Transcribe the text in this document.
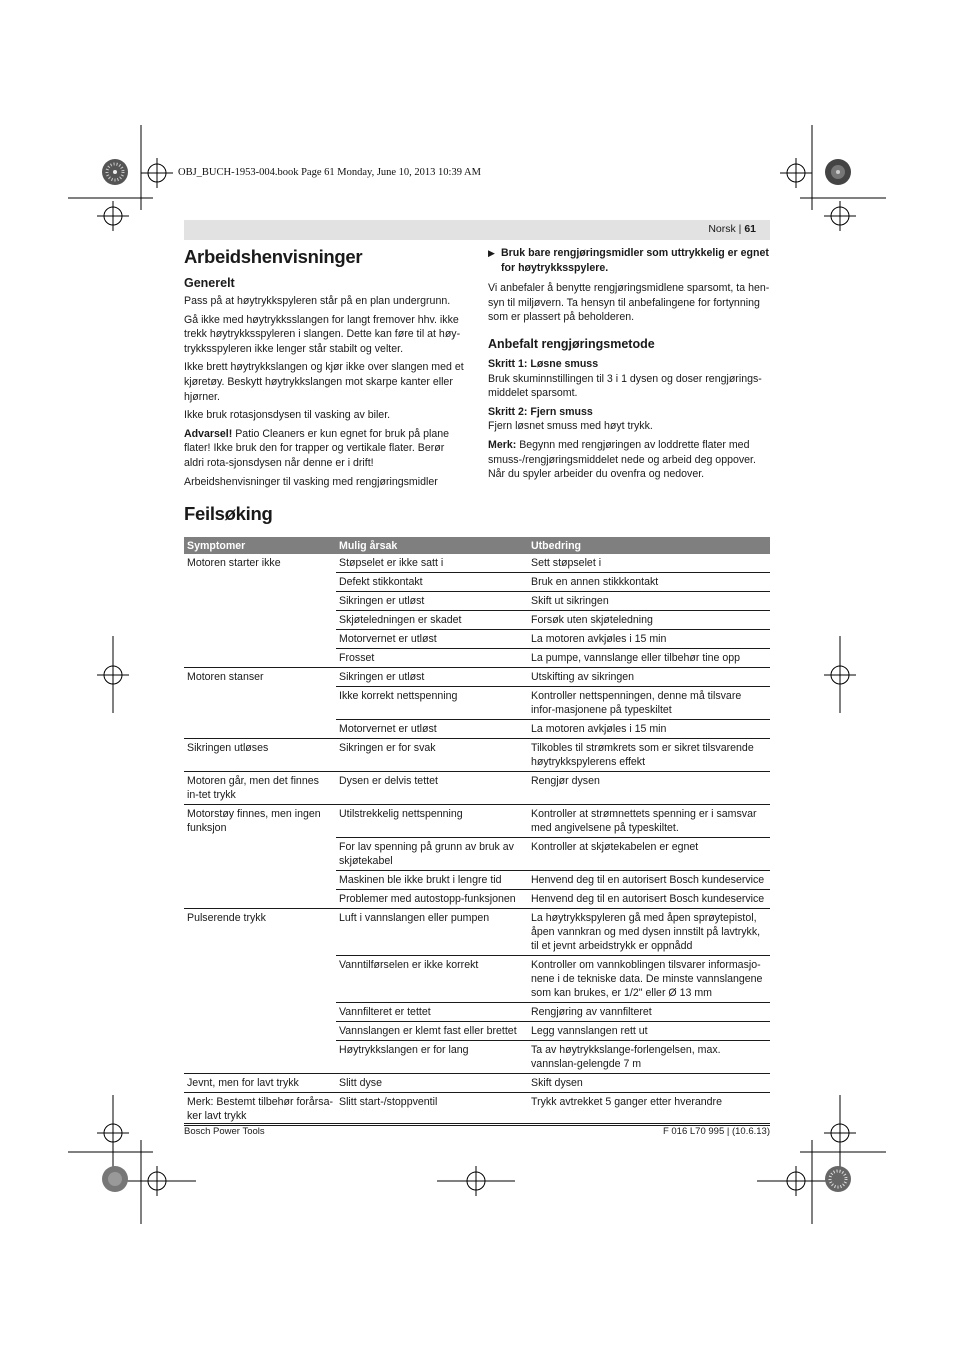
OBJ_BUCH-1953-004.book Page 61 Monday, June 10, 2013 10:39 AM
Norsk | 61
Arbeidshenvisninger
Generelt

Pass på at høytrykkspyleren står på en plan undergrunn.

Gå ikke med høytrykksslangen for langt fremover hhv. ikke trekk høytrykksspyleren i slangen. Dette kan føre til at høy-trykksspyleren ikke lenger står stabilt og velter.

Ikke brett høytrykkslangen og kjør ikke over slangen med et kjøretøy. Beskytt høytrykkslangen mot skarpe kanter eller hjørner.

Ikke bruk rotasjonsdysen til vasking av biler.

Advarsel! Patio Cleaners er kun egnet for bruk på plane flater! Ikke bruk den for trapper og vertikale flater. Berør aldri rota-sjonsdysen når denne er i drift!

Arbeidshenvisninger til vasking med rengjøringsmidler

▶ Bruk bare rengjøringsmidler som uttrykkelig er egnet for høytrykksspylere.

Vi anbefaler å benytte rengjøringsmidlene sparsomt, ta hen-syn til miljøvern. Ta hensyn til anbefalingene for fortynning som er plassert på beholderen.

Anbefalt rengjøringsmetode
Skritt 1: Løsne smuss

Bruk skuminnstillingen til 3 i 1 dysen og doser rengjørings-middelet sparsomt.

Skritt 2: Fjern smuss

Fjern løsnet smuss med høyt trykk.

Merk: Begynn med rengjøringen av loddrette flater med smuss-/rengjøringsmiddelet nede og arbeid deg oppover. Når du spyler arbeider du ovenfra og nedover.

Feilsøking
Symptomer	Mulig årsak	Utbedring
Motoren starter ikke	Støpselet er ikke satt i	Sett støpselet i
	Defekt stikkontakt	Bruk en annen stikkkontakt
	Sikringen er utløst	Skift ut sikringen
	Skjøteledningen er skadet	Forsøk uten skjøteledning
	Motorvernet er utløst	La motoren avkjøles i 15 min
	Frosset	La pumpe, vannslange eller tilbehør tine opp
Motoren stanser	Sikringen er utløst	Utskifting av sikringen
	Ikke korrekt nettspenning	Kontroller nettspenningen, denne må tilsvare infor-masjonene på typeskiltet
	Motorvernet er utløst	La motoren avkjøles i 15 min
Sikringen utløses	Sikringen er for svak	Tilkobles til strømkrets som er sikret tilsvarende høytrykkspylerens effekt
Motoren går, men det finnes in-tet trykk	Dysen er delvis tettet	Rengjør dysen
Motorstøy finnes, men ingen funksjon	Utilstrekkelig nettspenning	Kontroller at strømnettets spenning er i samsvar med angivelsene på typeskiltet.
	For lav spenning på grunn av bruk av skjøtekabel	Kontroller at skjøtekabelen er egnet
	Maskinen ble ikke brukt i lengre tid	Henvend deg til en autorisert Bosch kundeservice
	Problemer med autostopp-funksjonen	Henvend deg til en autorisert Bosch kundeservice
Pulserende trykk	Luft i vannslangen eller pumpen	La høytrykkspyleren gå med åpen sprøytepistol, åpen vannkran og med dysen innstilt på lavtrykk, til et jevnt arbeidstrykk er oppnådd
	Vanntilførselen er ikke korrekt	Kontroller om vannkoblingen tilsvarer informasjo-nene i de tekniske data. De minste vannslangene som kan brukes, er 1/2" eller Ø 13 mm
	Vannfilteret er tettet	Rengjøring av vannfilteret
	Vannslangen er klemt fast eller brettet	Legg vannslangen rett ut
	Høytrykkslangen er for lang	Ta av høytrykkslange-forlengelsen, max. vannslan-gelengde 7 m
Jevnt, men for lavt trykk	Slitt dyse	Skift dysen
Merk: Bestemt tilbehør forårsa-ker lavt trykk	Slitt start-/stoppventil	Trykk avtrekket 5 ganger etter hverandre
Bosch Power Tools	F 016 L70 995 | (10.6.13)
